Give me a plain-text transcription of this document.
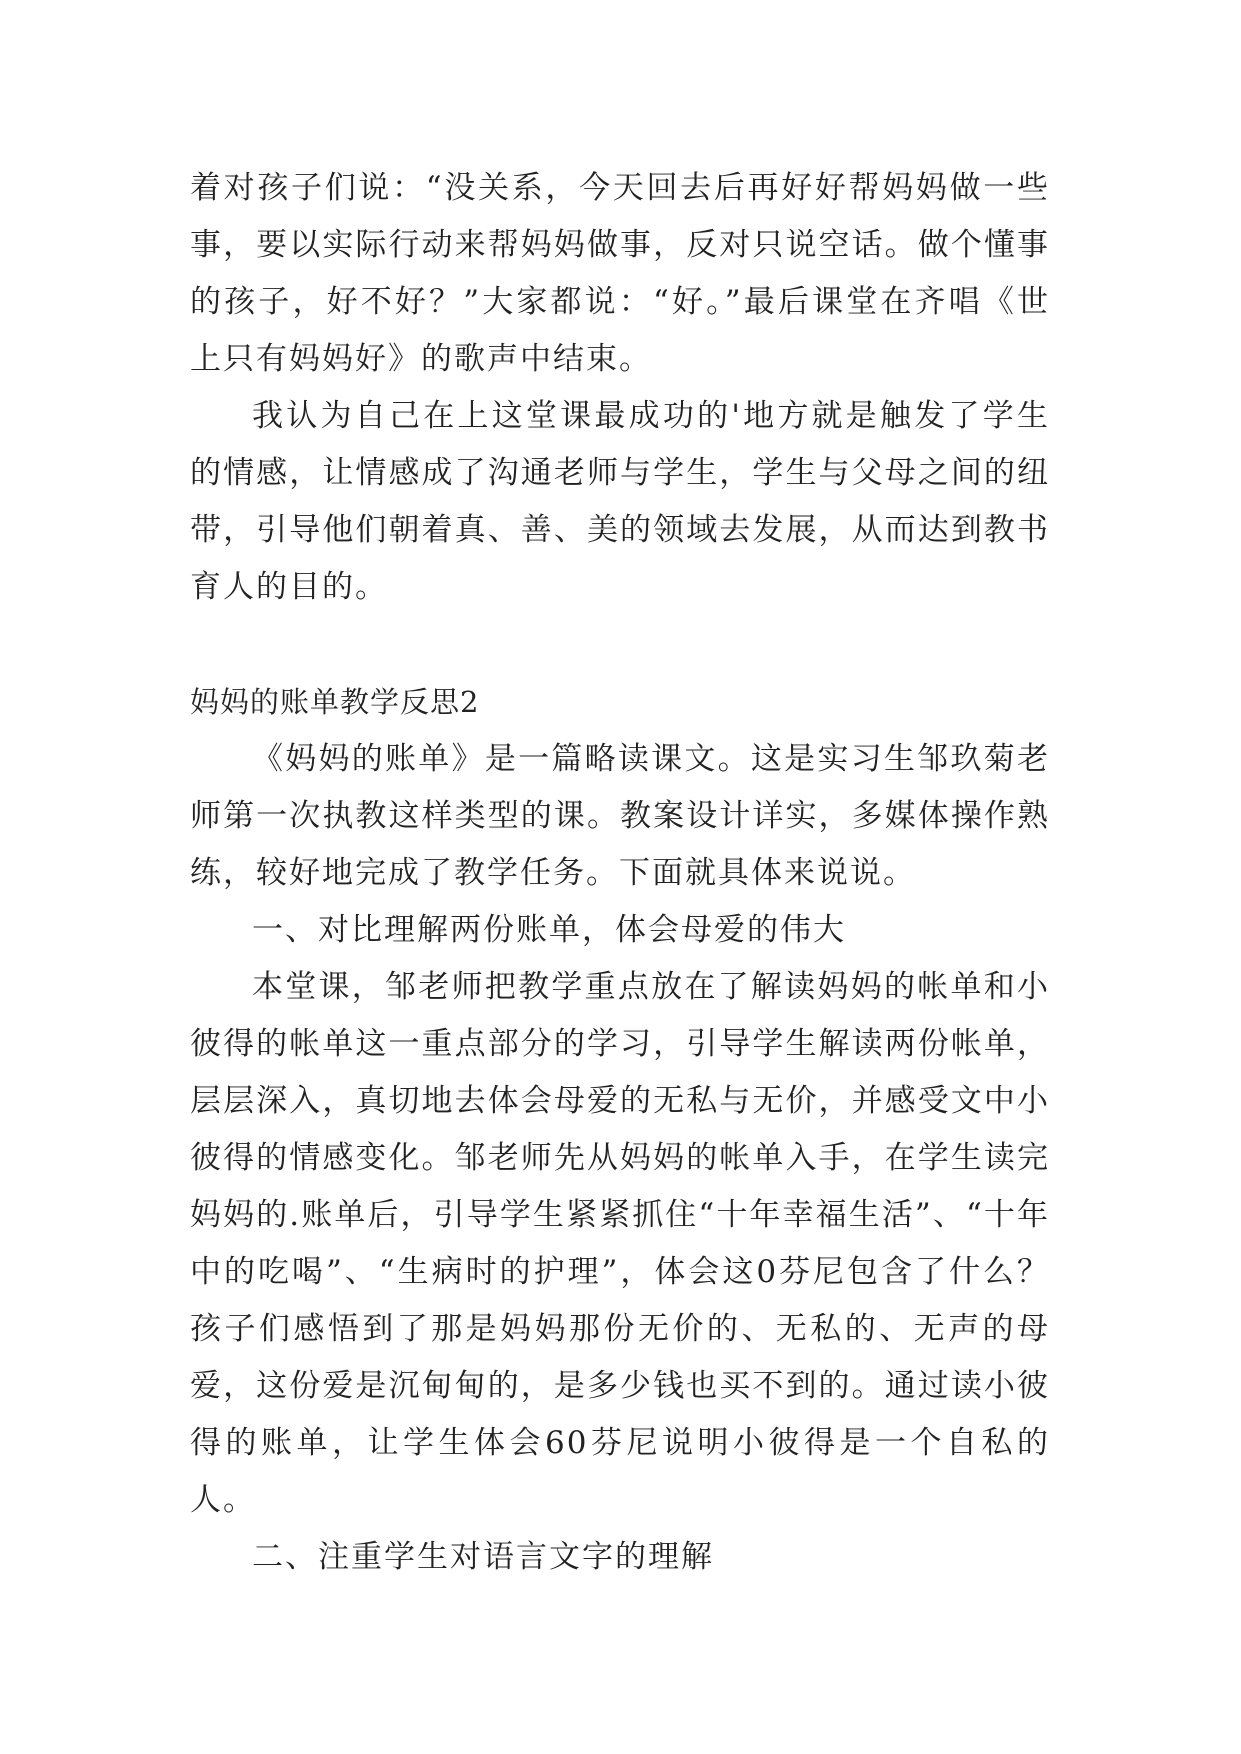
着对孩子们说：“没关系，今天回去后再好好帮妈妈做一些事，要以实际行动来帮妈妈做事，反对只说空话。做个懂事的孩子，好不好？”大家都说：“好。”最后课堂在齐唱《世上只有妈妈好》的歌声中结束。

我认为自己在上这堂课最成功的'地方就是触发了学生的情感，让情感成了沟通老师与学生，学生与父母之间的纽带，引导他们朝着真、善、美的领域去发展，从而达到教书育人的目的。

妈妈的账单教学反思2

《妈妈的账单》是一篇略读课文。这是实习生邹玖菊老师第一次执教这样类型的课。教案设计详实，多媒体操作熟练，较好地完成了教学任务。下面就具体来说说。

一、对比理解两份账单，体会母爱的伟大

本堂课，邹老师把教学重点放在了解读妈妈的帐单和小彼得的帐单这一重点部分的学习，引导学生解读两份帐单，层层深入，真切地去体会母爱的无私与无价，并感受文中小彼得的情感变化。邹老师先从妈妈的帐单入手，在学生读完妈妈的.账单后，引导学生紧紧抓住“十年幸福生活”、“十年中的吃喝”、“生病时的护理”，体会这0芬尼包含了什么？孩子们感悟到了那是妈妈那份无价的、无私的、无声的母爱，这份爱是沉甸甸的，是多少钱也买不到的。通过读小彼得的账单，让学生体会60芬尼说明小彼得是一个自私的人。

二、注重学生对语言文字的理解
